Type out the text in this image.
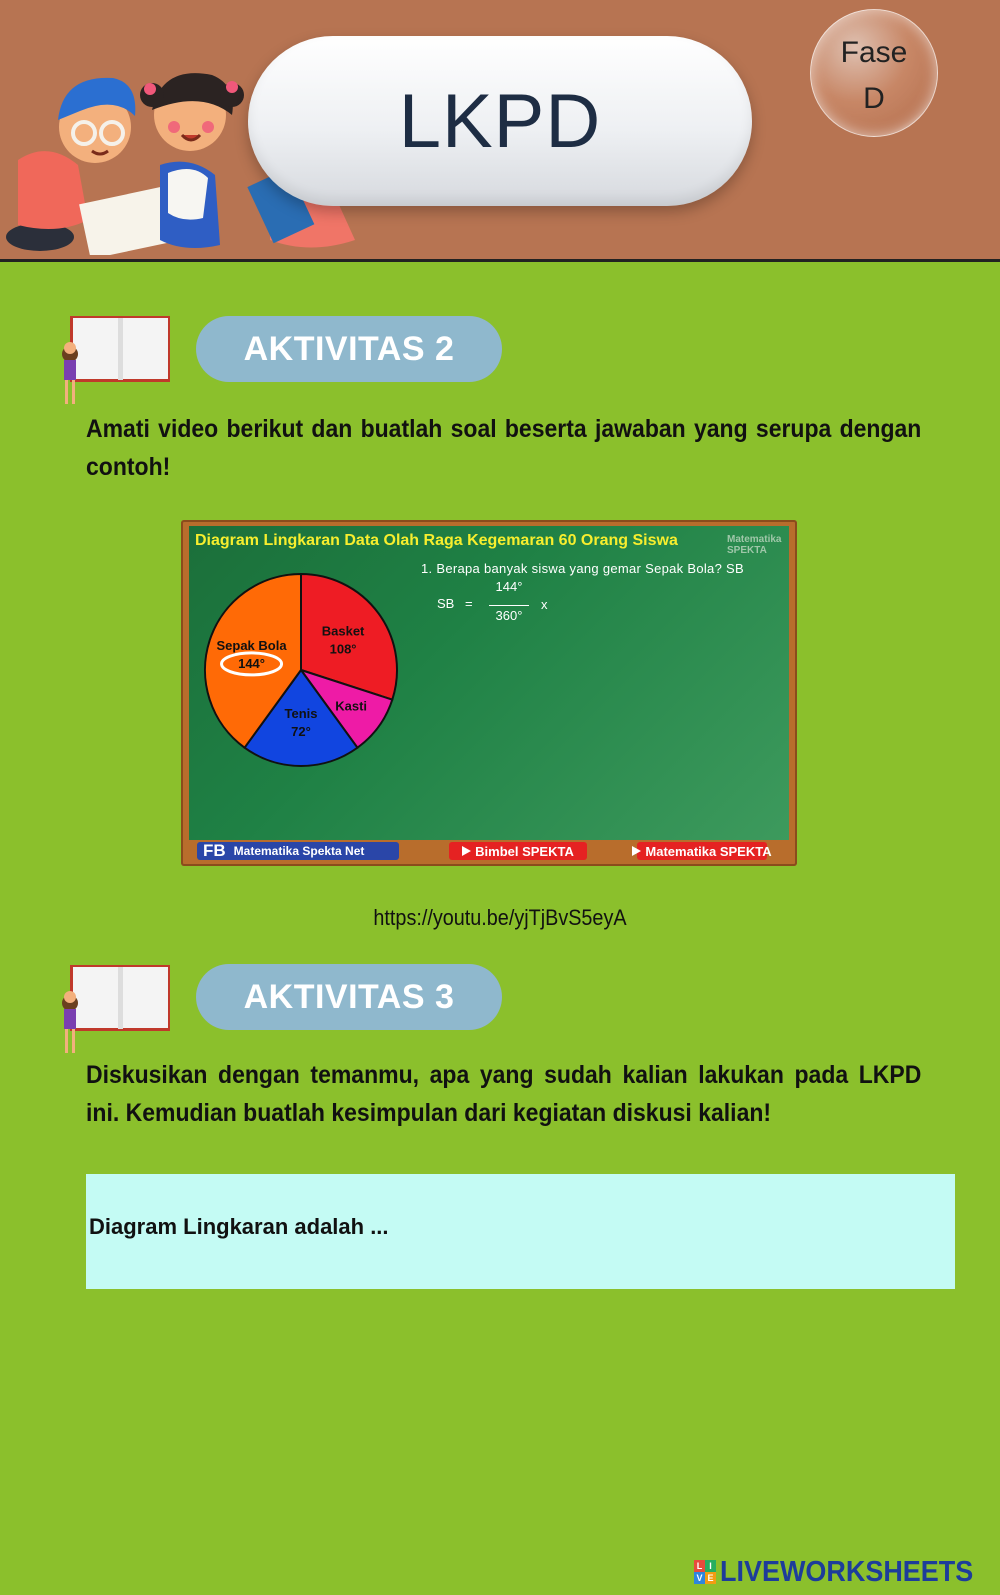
LKPD
Fase
D
AKTIVITAS 2
Amati video berikut dan buatlah soal beserta jawaban yang serupa dengan contoh!
Diagram Lingkaran Data Olah Raga Kegemaran 60 Orang Siswa	Matematika
SPEKTA
1. Berapa banyak siswa yang gemar Sepak Bola? SB
SB =
144°
360°
x
Basket
108°
Kasti
Tenis
72°
Sepak Bola
144°
FB Matematika Spekta Net	Bimbel SPEKTA	Matematika SPEKTA
https://youtu.be/yjTjBvS5eyA
AKTIVITAS 3
Diskusikan dengan temanmu, apa yang sudah kalian lakukan pada LKPD ini. Kemudian buatlah kesimpulan dari kegiatan diskusi kalian!
Diagram Lingkaran adalah ...
L I
V E LIVEWORKSHEETS
